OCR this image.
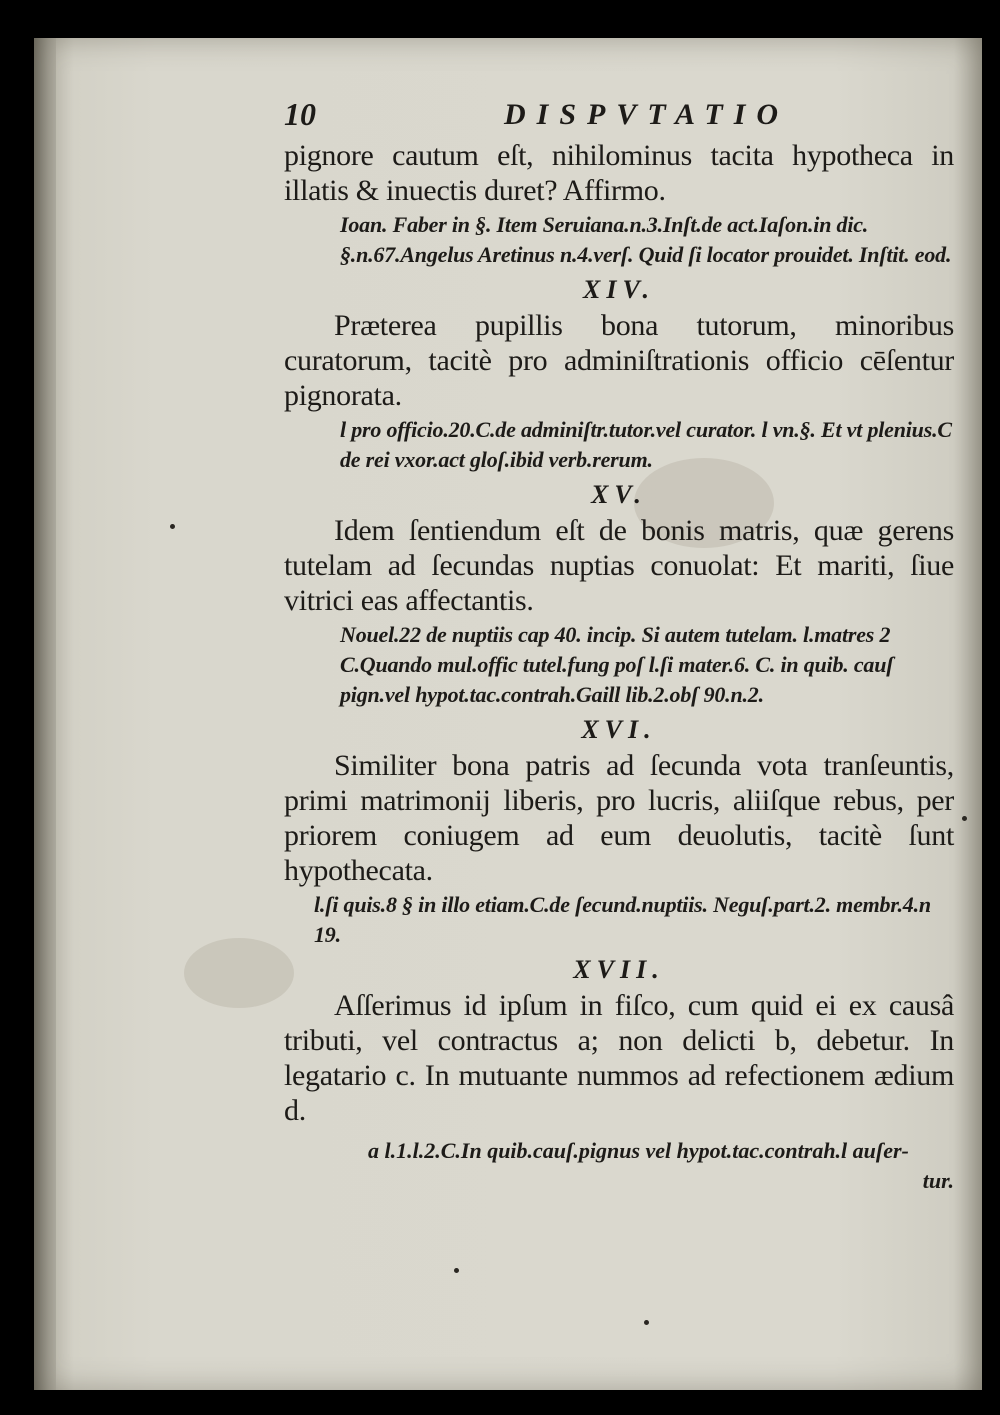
10	DISPVTATIO

pignore cautum eſt, nihilominus tacita hypotheca in illatis & inuectis duret? Affirmo.

Ioan. Faber in §. Item Seruiana.n.3.Inſt.de act.Iaſon.in dic. §.n.67.Angelus Aretinus n.4.verſ. Quid ſi locator prouidet. Inſtit. eod.

XIV.

Præterea pupillis bona tutorum, minoribus curatorum, tacitè pro adminiſtrationis officio cēſentur pignorata.

l pro officio.20.C.de adminiſtr.tutor.vel curator. l vn.§. Et vt plenius.C de rei vxor.act gloſ.ibid verb.rerum.

XV.

Idem ſentiendum eſt de bonis matris, quæ gerens tutelam ad ſecundas nuptias conuolat: Et mariti, ſiue vitrici eas affectantis.

Nouel.22 de nuptiis cap 40. incip. Si autem tutelam. l.matres 2 C.Quando mul.offic tutel.fung poſ l.ſi mater.6. C. in quib. cauſ pign.vel hypot.tac.contrah.Gaill lib.2.obſ 90.n.2.

XVI.

Similiter bona patris ad ſecunda vota tranſeuntis, primi matrimonij liberis, pro lucris, aliiſque rebus, per priorem coniugem ad eum deuolutis, tacitè ſunt hypothecata.

l.ſi quis.8 § in illo etiam.C.de ſecund.nuptiis. Neguſ.part.2. membr.4.n 19.

XVII.

Aſſerimus id ipſum in fiſco, cum quid ei ex causâ tributi, vel contractus a; non delicti b, debetur. In legatario c. In mutuante nummos ad refectionem ædium d.

a l.1.l.2.C.In quib.cauſ.pignus vel hypot.tac.contrah.l auſer-

tur.
